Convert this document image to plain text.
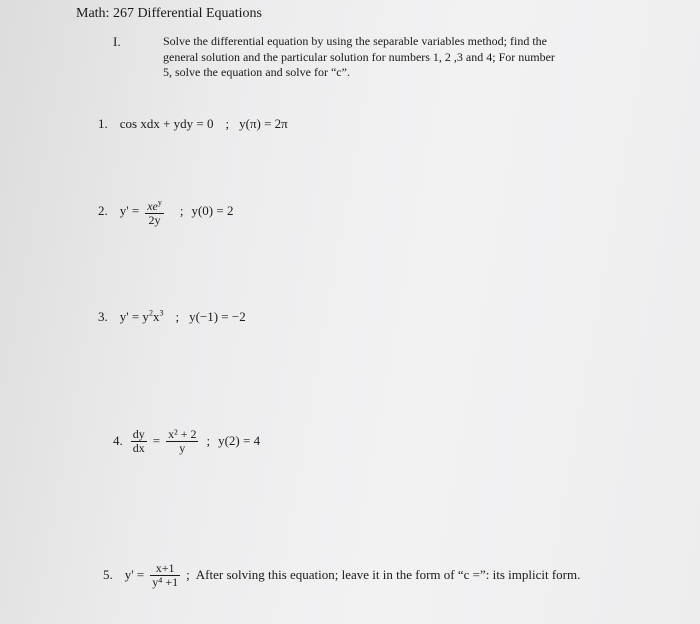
Math: 267 Differential Equations
I.	Solve the differential equation by using the separable variables method; find the
general solution and the particular solution for numbers 1, 2 ,3 and 4; For number
5, solve the equation and solve for “c”.
1. cos xdx + ydy = 0 ; y(π) = 2π
2. $y' = \frac{xe^y}{2y}$ ; y(0) = 2
3. $y' = y^2x^3$ ; y(−1) = −2
4. $\frac{dy}{dx} = \frac{\text{x² + 2}}{y}$ ; y(2) = 4
5. $y' = \frac{x+1}{\text{y⁴ +1}}$ ; After solving this equation; leave it in the form of “c =”: its implicit form.
